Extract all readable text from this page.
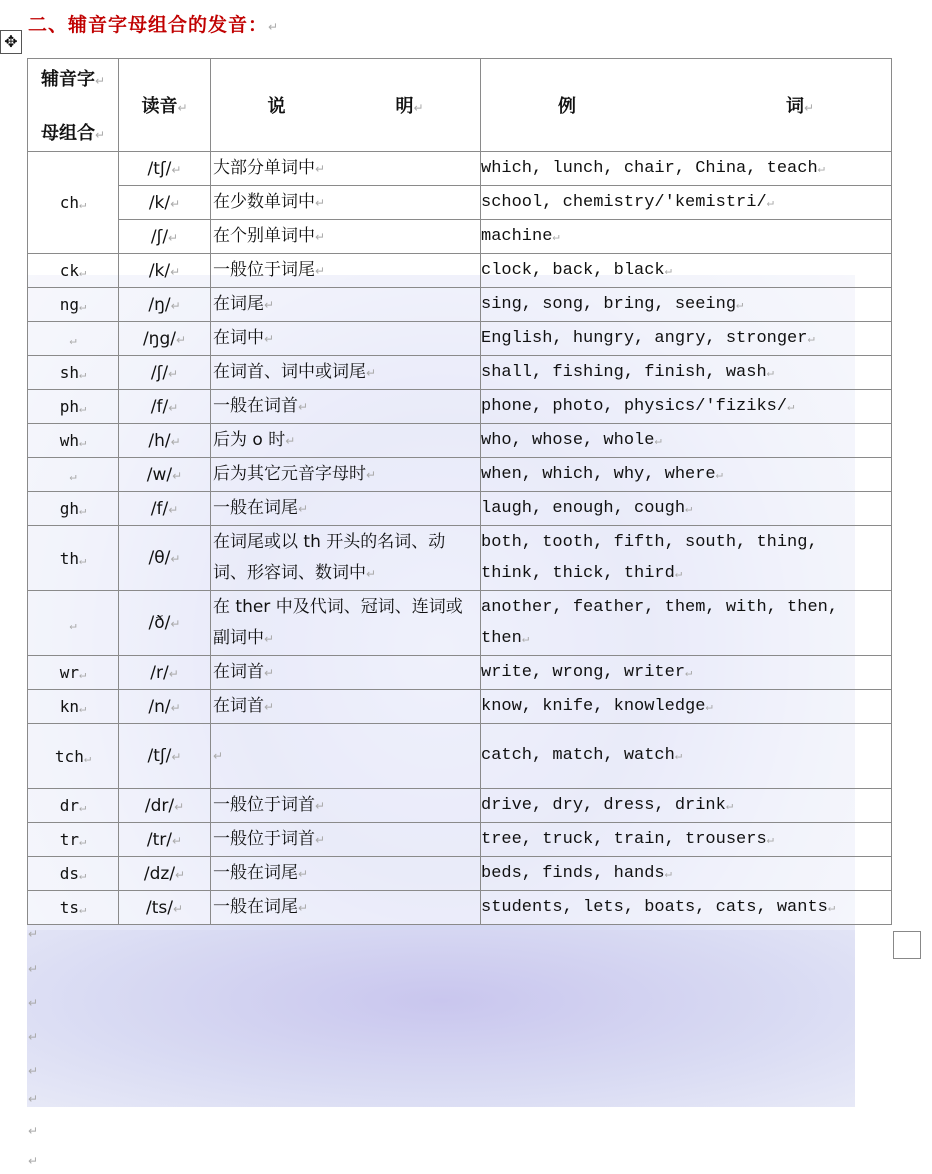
二、辅音字母组合的发音： ↵
✥
辅音字 ↵
母组合 ↵	读音 ↵	说 明 ↵	例 词 ↵
ch ↵	/tʃ/ ↵	大部分单词中 ↵	which, lunch, chair, China, teach ↵
	/k/ ↵	在少数单词中 ↵	school, chemistry/'kemistri/ ↵
	/ʃ/ ↵	在个别单词中 ↵	machine ↵
ck ↵	/k/ ↵	一般位于词尾 ↵	clock, back, black ↵
ng ↵	/ŋ/ ↵	在词尾 ↵	sing, song, bring, seeing ↵
↵	/ŋg/ ↵	在词中 ↵	English, hungry, angry, stronger ↵
sh ↵	/ʃ/ ↵	在词首、词中或词尾 ↵	shall, fishing, finish, wash ↵
ph ↵	/f/ ↵	一般在词首 ↵	phone, photo, physics/'fiziks/ ↵
wh ↵	/h/ ↵	后为 o 时 ↵	who, whose, whole ↵
↵	/w/ ↵	后为其它元音字母时 ↵	when, which, why, where ↵
gh ↵	/f/ ↵	一般在词尾 ↵	laugh, enough, cough ↵
th ↵	/θ/ ↵	在词尾或以 th 开头的名词、动词、形容词、数词中 ↵	both, tooth, fifth, south, thing, think, thick, third ↵
↵	/ð/ ↵	在 ther 中及代词、冠词、连词或副词中 ↵	another, feather, them, with, then, then ↵
wr ↵	/r/ ↵	在词首 ↵	write, wrong, writer ↵
kn ↵	/n/ ↵	在词首 ↵	know, knife, knowledge ↵
tch ↵	/tʃ/ ↵	↵	catch, match, watch ↵
dr ↵	/dr/ ↵	一般位于词首 ↵	drive, dry, dress, drink ↵
tr ↵	/tr/ ↵	一般位于词首 ↵	tree, truck, train, trousers ↵
ds ↵	/dz/ ↵	一般在词尾 ↵	beds, finds, hands ↵
ts ↵	/ts/ ↵	一般在词尾 ↵	students, lets, boats, cats, wants ↵
↵
↵
↵
↵
↵
↵
↵
↵
